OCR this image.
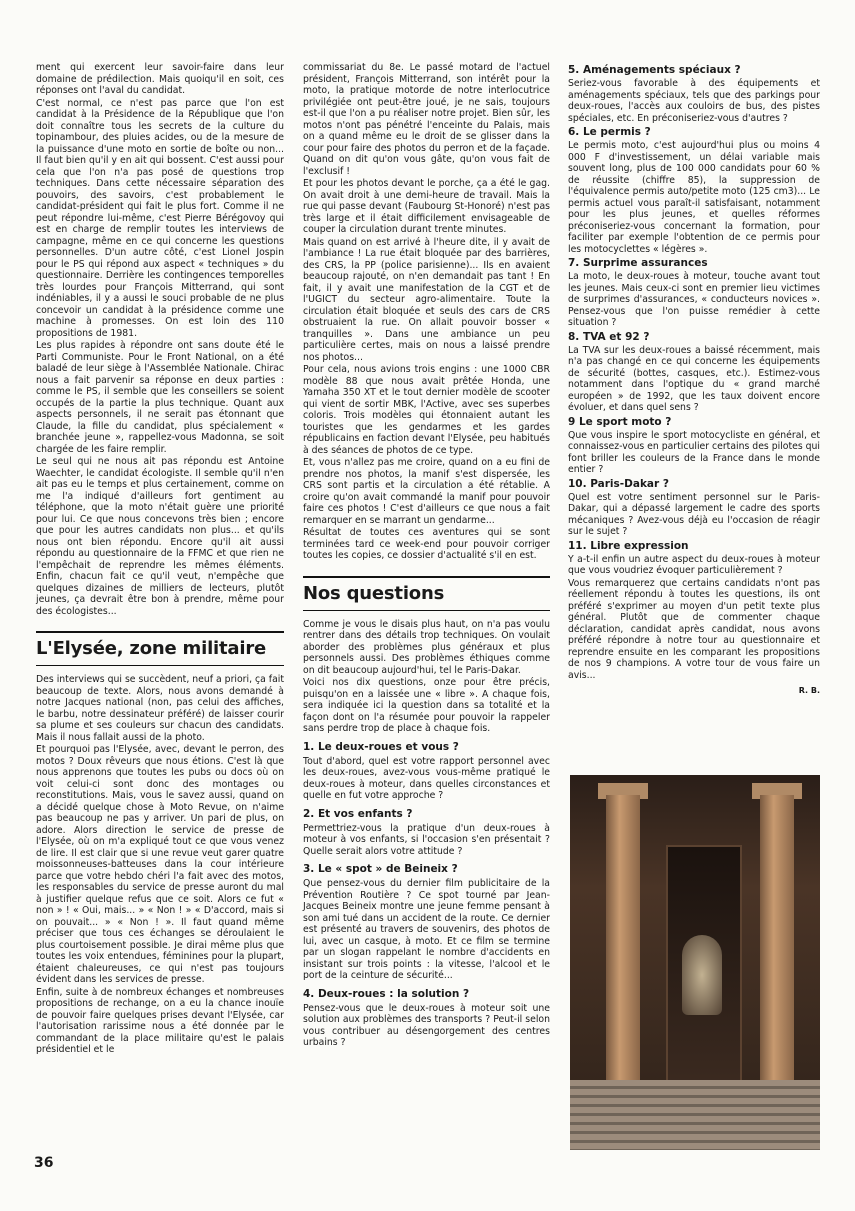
ment qui exercent leur savoir-faire dans leur domaine de prédilection. Mais quoiqu'il en soit, ces réponses ont l'aval du candidat.

C'est normal, ce n'est pas parce que l'on est candidat à la Présidence de la République que l'on doit connaître tous les secrets de la culture du topinambour, des pluies acides, ou de la mesure de la puissance d'une moto en sortie de boîte ou non... Il faut bien qu'il y en ait qui bossent. C'est aussi pour cela que l'on n'a pas posé de questions trop techniques. Dans cette nécessaire séparation des pouvoirs, des savoirs, c'est probablement le candidat-président qui fait le plus fort. Comme il ne peut répondre lui-même, c'est Pierre Bérégovoy qui est en charge de remplir toutes les interviews de campagne, même en ce qui concerne les questions personnelles. D'un autre côté, c'est Lionel Jospin pour le PS qui répond aux aspect « techniques » du questionnaire. Derrière les contingences temporelles très lourdes pour François Mitterrand, qui sont indéniables, il y a aussi le souci probable de ne plus concevoir un candidat à la présidence comme une machine à promesses. On est loin des 110 propositions de 1981.

Les plus rapides à répondre ont sans doute été le Parti Communiste. Pour le Front National, on a été baladé de leur siège à l'Assemblée Nationale. Chirac nous a fait parvenir sa réponse en deux parties : comme le PS, il semble que les conseillers se soient occupés de la partie la plus technique. Quant aux aspects personnels, il ne serait pas étonnant que Claude, la fille du candidat, plus spécialement « branchée jeune », rappellez-vous Madonna, se soit chargée de les faire remplir.

Le seul qui ne nous ait pas répondu est Antoine Waechter, le candidat écologiste. Il semble qu'il n'en ait pas eu le temps et plus certainement, comme on me l'a indiqué d'ailleurs fort gentiment au téléphone, que la moto n'était guère une priorité pour lui. Ce que nous concevons très bien ; encore que pour les autres candidats non plus... et qu'ils nous ont bien répondu. Encore qu'il ait aussi répondu au questionnaire de la FFMC et que rien ne l'empêchait de reprendre les mêmes éléments. Enfin, chacun fait ce qu'il veut, n'empêche que quelques dizaines de milliers de lecteurs, plutôt jeunes, ça devrait être bon à prendre, même pour des écologistes...

L'Elysée, zone militaire

Des interviews qui se succèdent, neuf a priori, ça fait beaucoup de texte. Alors, nous avons demandé à notre Jacques national (non, pas celui des affiches, le barbu, notre dessinateur préféré) de laisser courir sa plume et ses couleurs sur chacun des candidats. Mais il nous fallait aussi de la photo.

Et pourquoi pas l'Elysée, avec, devant le perron, des motos ? Doux rêveurs que nous étions. C'est là que nous apprenons que toutes les pubs ou docs où on voit celui-ci sont donc des montages ou reconstitutions. Mais, vous le savez aussi, quand on a décidé quelque chose à Moto Revue, on n'aime pas beaucoup ne pas y arriver. Un pari de plus, on adore. Alors direction le service de presse de l'Elysée, où on m'a expliqué tout ce que vous venez de lire. Il est clair que si une revue veut garer quatre moissonneuses-batteuses dans la cour intérieure parce que votre hebdo chéri l'a fait avec des motos, les responsables du service de presse auront du mal à justifier quelque refus que ce soit. Alors ce fut « non » ! « Oui, mais... » « Non ! » « D'accord, mais si on pouvait... » « Non ! ». Il faut quand même préciser que tous ces échanges se déroulaient le plus courtoisement possible. Je dirai même plus que toutes les voix entendues, féminines pour la plupart, étaient chaleureuses, ce qui n'est pas toujours évident dans les services de presse.

Enfin, suite à de nombreux échanges et nombreuses propositions de rechange, on a eu la chance inouïe de pouvoir faire quelques prises devant l'Elysée, car l'autorisation rarissime nous a été donnée par le commandant de la place militaire qu'est le palais présidentiel et le

commissariat du 8e. Le passé motard de l'actuel président, François Mitterrand, son intérêt pour la moto, la pratique motorde de notre interlocutrice privilégiée ont peut-être joué, je ne sais, toujours est-il que l'on a pu réaliser notre projet. Bien sûr, les motos n'ont pas pénétré l'enceinte du Palais, mais on a quand même eu le droit de se glisser dans la cour pour faire des photos du perron et de la façade. Quand on dit qu'on vous gâte, qu'on vous fait de l'exclusif !

Et pour les photos devant le porche, ça a été le gag. On avait droit à une demi-heure de travail. Mais la rue qui passe devant (Faubourg St-Honoré) n'est pas très large et il était difficilement envisageable de couper la circulation durant trente minutes.

Mais quand on est arrivé à l'heure dite, il y avait de l'ambiance ! La rue était bloquée par des barrières, des CRS, la PP (police parisienne)... Ils en avaient beaucoup rajouté, on n'en demandait pas tant ! En fait, il y avait une manifestation de la CGT et de l'UGICT du secteur agro-alimentaire. Toute la circulation était bloquée et seuls des cars de CRS obstruaient la rue. On allait pouvoir bosser « tranquilles ». Dans une ambiance un peu particulière certes, mais on nous a laissé prendre nos photos...

Pour cela, nous avions trois engins : une 1000 CBR modèle 88 que nous avait prêtée Honda, une Yamaha 350 XT et le tout dernier modèle de scooter qui vient de sortir MBK, l'Active, avec ses superbes coloris. Trois modèles qui étonnaient autant les touristes que les gendarmes et les gardes républicains en faction devant l'Elysée, peu habitués à des séances de photos de ce type.

Et, vous n'allez pas me croire, quand on a eu fini de prendre nos photos, la manif s'est dispersée, les CRS sont partis et la circulation a été rétablie. A croire qu'on avait commandé la manif pour pouvoir faire ces photos ! C'est d'ailleurs ce que nous a fait remarquer en se marrant un gendarme...

Résultat de toutes ces aventures qui se sont terminées tard ce week-end pour pouvoir corriger toutes les copies, ce dossier d'actualité s'il en est.

Nos questions

Comme je vous le disais plus haut, on n'a pas voulu rentrer dans des détails trop techniques. On voulait aborder des problèmes plus généraux et plus personnels aussi. Des problèmes éthiques comme on dit beaucoup aujourd'hui, tel le Paris-Dakar.

Voici nos dix questions, onze pour être précis, puisqu'on en a laissée une « libre ». A chaque fois, sera indiquée ici la question dans sa totalité et la façon dont on l'a résumée pour pouvoir la rappeler sans perdre trop de place à chaque fois.

1. Le deux-roues et vous ?

Tout d'abord, quel est votre rapport personnel avec les deux-roues, avez-vous vous-même pratiqué le deux-roues à moteur, dans quelles circonstances et quelle en fut votre approche ?

2. Et vos enfants ?

Permettriez-vous la pratique d'un deux-roues à moteur à vos enfants, si l'occasion s'en présentait ? Quelle serait alors votre attitude ?

3. Le « spot » de Beineix ?

Que pensez-vous du dernier film publicitaire de la Prévention Routière ? Ce spot tourné par Jean-Jacques Beineix montre une jeune femme pensant à son ami tué dans un accident de la route. Ce dernier est présenté au travers de souvenirs, des photos de lui, avec un casque, à moto. Et ce film se termine par un slogan rappelant le nombre d'accidents en insistant sur trois points : la vitesse, l'alcool et le port de la ceinture de sécurité...

4. Deux-roues : la solution ?

Pensez-vous que le deux-roues à moteur soit une solution aux problèmes des transports ? Peut-il selon vous contribuer au désengorgement des centres urbains ?

5. Aménagements spéciaux ?

Seriez-vous favorable à des équipements et aménagements spéciaux, tels que des parkings pour deux-roues, l'accès aux couloirs de bus, des pistes spéciales, etc. En préconiseriez-vous d'autres ?

6. Le permis ?

Le permis moto, c'est aujourd'hui plus ou moins 4 000 F d'investissement, un délai variable mais souvent long, plus de 100 000 candidats pour 60 % de réussite (chiffre 85), la suppression de l'équivalence permis auto/petite moto (125 cm3)... Le permis actuel vous paraît-il satisfaisant, notamment pour les plus jeunes, et quelles réformes préconiseriez-vous concernant la formation, pour faciliter par exemple l'obtention de ce permis pour les motocyclettes « légères ».

7. Surprime assurances

La moto, le deux-roues à moteur, touche avant tout les jeunes. Mais ceux-ci sont en premier lieu victimes de surprimes d'assurances, « conducteurs novices ». Pensez-vous que l'on puisse remédier à cette situation ?

8. TVA et 92 ?

La TVA sur les deux-roues a baissé récemment, mais n'a pas changé en ce qui concerne les équipements de sécurité (bottes, casques, etc.). Estimez-vous notamment dans l'optique du « grand marché européen » de 1992, que les taux doivent encore évoluer, et dans quel sens ?

9 Le sport moto ?

Que vous inspire le sport motocycliste en général, et connaissez-vous en particulier certains des pilotes qui font briller les couleurs de la France dans le monde entier ?

10. Paris-Dakar ?

Quel est votre sentiment personnel sur le Paris-Dakar, qui a dépassé largement le cadre des sports mécaniques ? Avez-vous déjà eu l'occasion de réagir sur le sujet ?

11. Libre expression

Y a-t-il enfin un autre aspect du deux-roues à moteur que vous voudriez évoquer particulièrement ?

Vous remarquerez que certains candidats n'ont pas réellement répondu à toutes les questions, ils ont préféré s'exprimer au moyen d'un petit texte plus général. Plutôt que de commenter chaque déclaration, candidat après candidat, nous avons préféré répondre à notre tour au questionnaire et reprendre ensuite en les comparant les propositions de nos 9 champions. A votre tour de vous faire un avis...

R. B.
36
